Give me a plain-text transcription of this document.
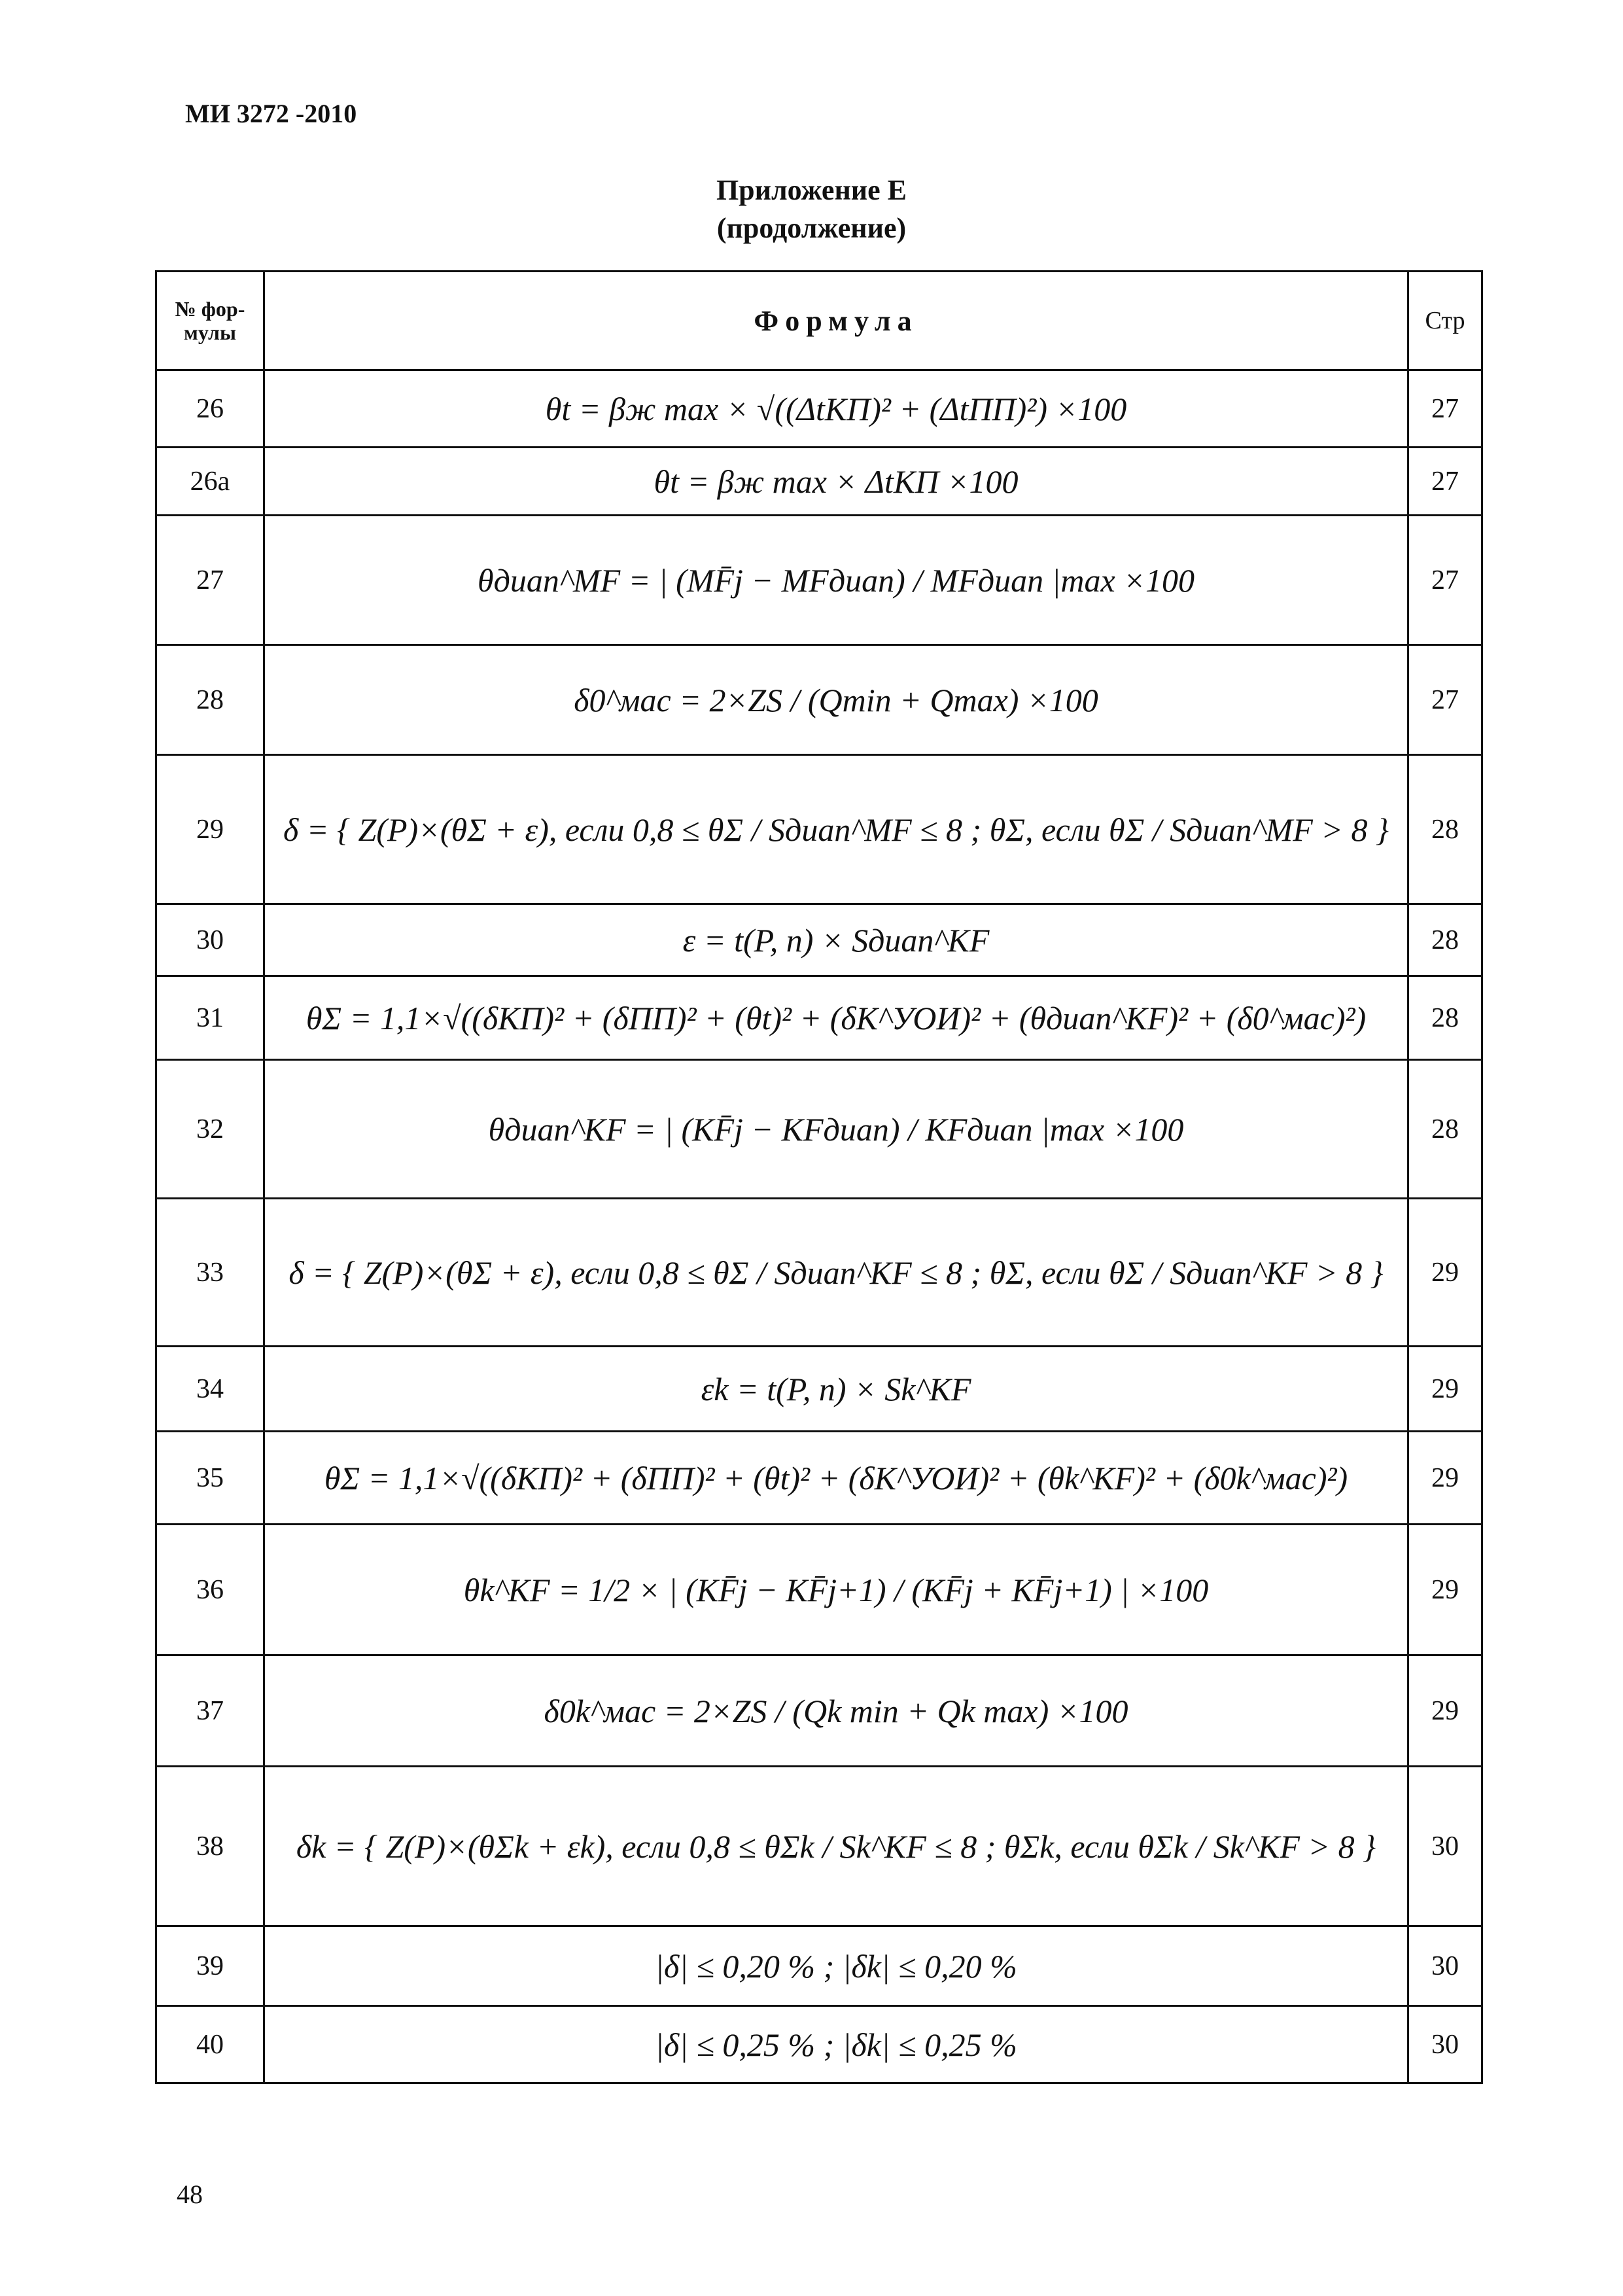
МИ 3272 -2010
Приложение Е
(продолжение)
№ фор-мулы	Формула	Стр
26	θt = βж max × √((ΔtКП)² + (ΔtПП)²) ×100	27
26а	θt = βж max × ΔtКП ×100	27
27	θдиап^MF = | (MF̄j − MFдиап) / MFдиап |max ×100	27
28	δ0^мас = 2×ZS / (Qmin + Qmax) ×100	27
29	δ = { Z(P)×(θΣ + ε), если 0,8 ≤ θΣ / Sдиап^MF ≤ 8 ; θΣ, если θΣ / Sдиап^MF > 8 }	28
30	ε = t(P, n) × Sдиап^KF	28
31	θΣ = 1,1×√((δКП)² + (δПП)² + (θt)² + (δК^УОИ)² + (θдиап^KF)² + (δ0^мас)²)	28
32	θдиап^KF = | (KF̄j − KFдиап) / KFдиап |max ×100	28
33	δ = { Z(P)×(θΣ + ε), если 0,8 ≤ θΣ / Sдиап^KF ≤ 8 ; θΣ, если θΣ / Sдиап^KF > 8 }	29
34	εk = t(P, n) × Sk^KF	29
35	θΣ = 1,1×√((δКП)² + (δПП)² + (θt)² + (δК^УОИ)² + (θk^KF)² + (δ0k^мас)²)	29
36	θk^KF = 1/2 × | (KF̄j − KF̄j+1) / (KF̄j + KF̄j+1) | ×100	29
37	δ0k^мас = 2×ZS / (Qk min + Qk max) ×100	29
38	δk = { Z(P)×(θΣk + εk), если 0,8 ≤ θΣk / Sk^KF ≤ 8 ; θΣk, если θΣk / Sk^KF > 8 }	30
39	|δ| ≤ 0,20 % ; |δk| ≤ 0,20 %	30
40	|δ| ≤ 0,25 % ; |δk| ≤ 0,25 %	30
48
